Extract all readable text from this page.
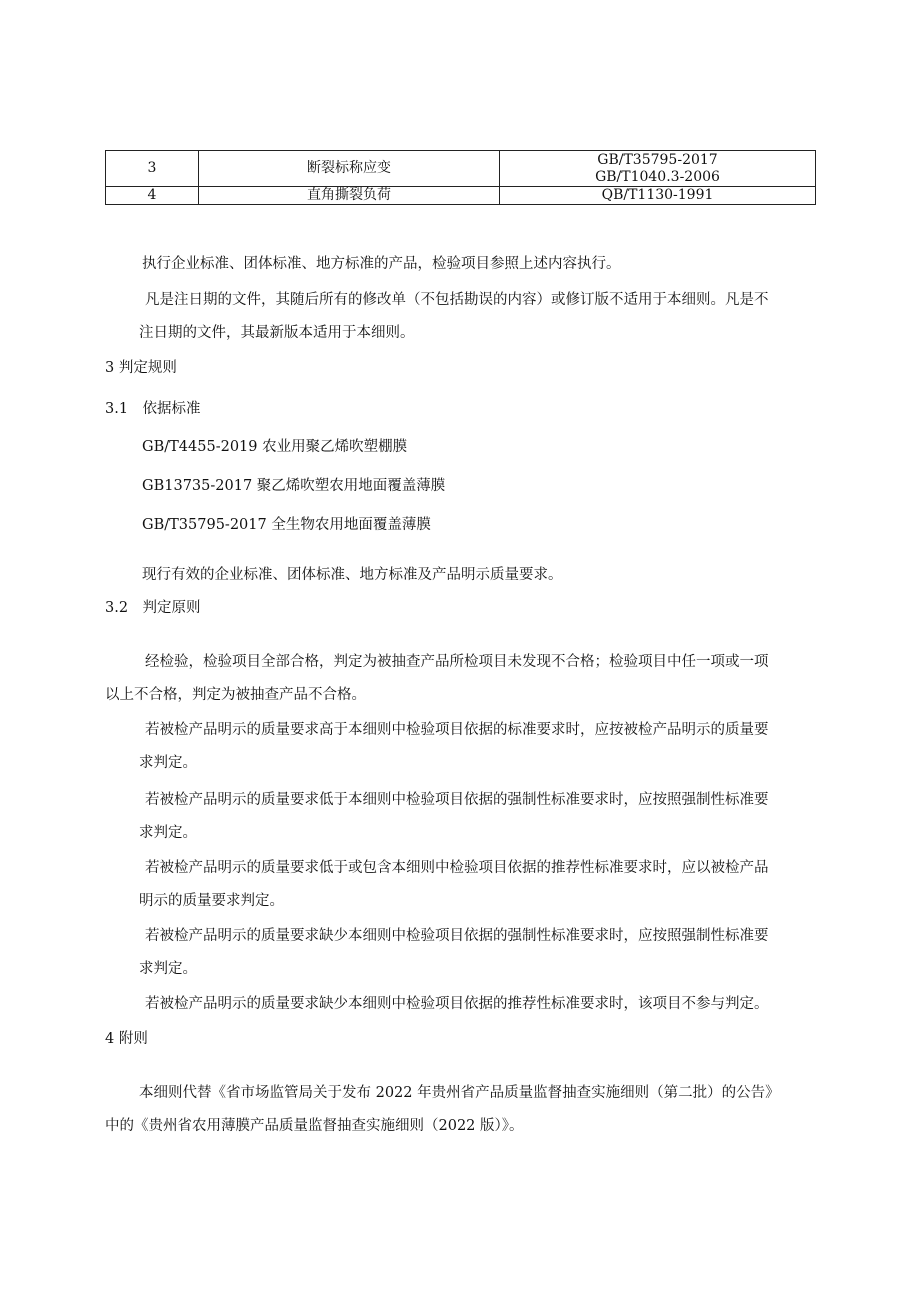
3	断裂标称应变	GB/T35795-2017
GB/T1040.3-2006

4	直角撕裂负荷	QB/T1130-1991

执行企业标准、团体标准、地方标准的产品，检验项目参照上述内容执行。

凡是注日期的文件，其随后所有的修改单（不包括勘误的内容）或修订版不适用于本细则。凡是不
注日期的文件，其最新版本适用于本细则。

3 判定规则

3.1　依据标准

GB/T4455-2019 农业用聚乙烯吹塑棚膜

GB13735-2017 聚乙烯吹塑农用地面覆盖薄膜

GB/T35795-2017 全生物农用地面覆盖薄膜

现行有效的企业标准、团体标准、地方标准及产品明示质量要求。

3.2　判定原则

经检验，检验项目全部合格，判定为被抽查产品所检项目未发现不合格；检验项目中任一项或一项
以上不合格，判定为被抽查产品不合格。

若被检产品明示的质量要求高于本细则中检验项目依据的标准要求时，应按被检产品明示的质量要
求判定。

若被检产品明示的质量要求低于本细则中检验项目依据的强制性标准要求时，应按照强制性标准要
求判定。

若被检产品明示的质量要求低于或包含本细则中检验项目依据的推荐性标准要求时，应以被检产品
明示的质量要求判定。

若被检产品明示的质量要求缺少本细则中检验项目依据的强制性标准要求时，应按照强制性标准要
求判定。

若被检产品明示的质量要求缺少本细则中检验项目依据的推荐性标准要求时，该项目不参与判定。

4 附则

本细则代替《省市场监管局关于发布 2022 年贵州省产品质量监督抽查实施细则（第二批）的公告》
中的《贵州省农用薄膜产品质量监督抽查实施细则（2022 版）》。
